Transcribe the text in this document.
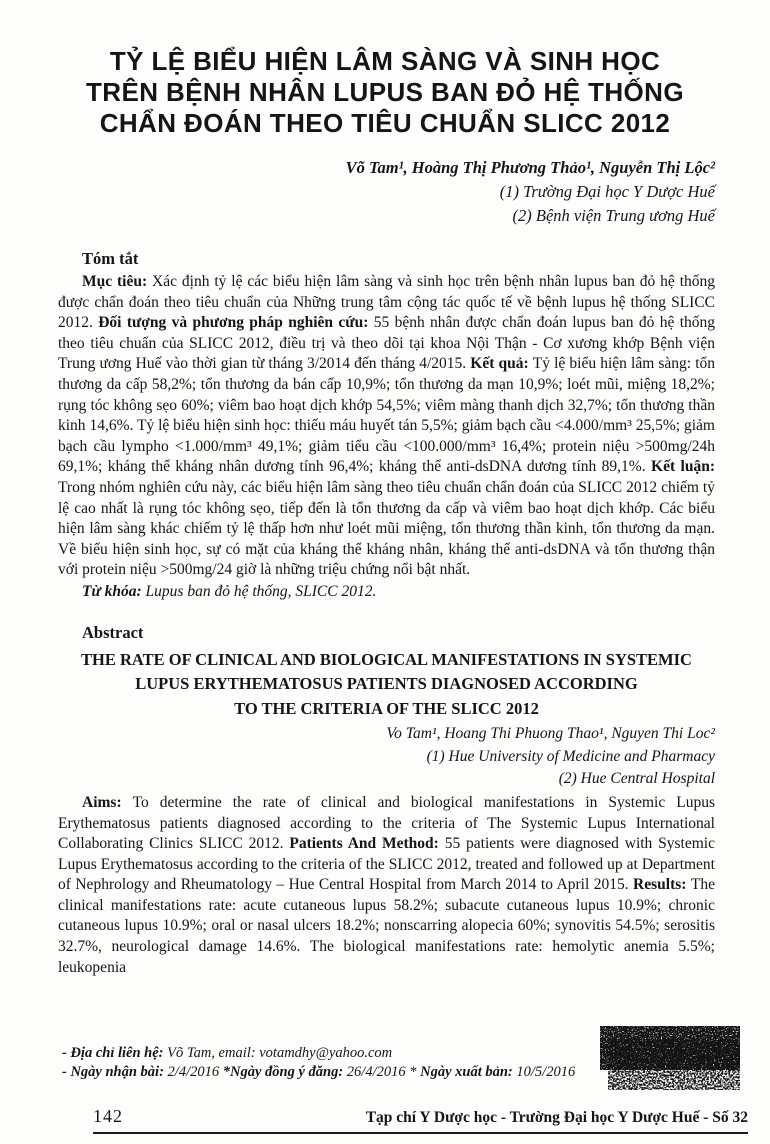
TỶ LỆ BIỂU HIỆN LÂM SÀNG VÀ SINH HỌC
TRÊN BỆNH NHÂN LUPUS BAN ĐỎ HỆ THỐNG
CHẨN ĐOÁN THEO TIÊU CHUẨN SLICC 2012
Võ Tam¹, Hoàng Thị Phương Thảo¹, Nguyễn Thị Lộc²
(1) Trường Đại học Y Dược Huế
(2) Bệnh viện Trung ương Huế
Tóm tắt
Mục tiêu: Xác định tỷ lệ các biểu hiện lâm sàng và sinh học trên bệnh nhân lupus ban đỏ hệ thống được chẩn đoán theo tiêu chuẩn của Những trung tâm cộng tác quốc tế về bệnh lupus hệ thống SLICC 2012. Đối tượng và phương pháp nghiên cứu: 55 bệnh nhân được chẩn đoán lupus ban đỏ hệ thống theo tiêu chuẩn của SLICC 2012, điều trị và theo dõi tại khoa Nội Thận - Cơ xương khớp Bệnh viện Trung ương Huế vào thời gian từ tháng 3/2014 đến tháng 4/2015. Kết quả: Tỷ lệ biểu hiện lâm sàng: tổn thương da cấp 58,2%; tổn thương da bán cấp 10,9%; tổn thương da mạn 10,9%; loét mũi, miệng 18,2%; rụng tóc không sẹo 60%; viêm bao hoạt dịch khớp 54,5%; viêm màng thanh dịch 32,7%; tổn thương thần kinh 14,6%. Tỷ lệ biểu hiện sinh học: thiếu máu huyết tán 5,5%; giảm bạch cầu <4.000/mm³ 25,5%; giảm bạch cầu lympho <1.000/mm³ 49,1%; giảm tiểu cầu <100.000/mm³ 16,4%; protein niệu >500mg/24h 69,1%; kháng thể kháng nhân dương tính 96,4%; kháng thể anti-dsDNA dương tính 89,1%. Kết luận: Trong nhóm nghiên cứu này, các biểu hiện lâm sàng theo tiêu chuẩn chẩn đoán của SLICC 2012 chiếm tỷ lệ cao nhất là rụng tóc không sẹo, tiếp đến là tổn thương da cấp và viêm bao hoạt dịch khớp. Các biểu hiện lâm sàng khác chiếm tỷ lệ thấp hơn như loét mũi miệng, tổn thương thần kinh, tổn thương da mạn. Về biểu hiện sinh học, sự có mặt của kháng thể kháng nhân, kháng thể anti-dsDNA và tổn thương thận với protein niệu >500mg/24 giờ là những triệu chứng nổi bật nhất.
Từ khóa: Lupus ban đỏ hệ thống, SLICC 2012.
Abstract
THE RATE OF CLINICAL AND BIOLOGICAL MANIFESTATIONS IN SYSTEMIC
LUPUS ERYTHEMATOSUS PATIENTS DIAGNOSED ACCORDING
TO THE CRITERIA OF THE SLICC 2012
Vo Tam¹, Hoang Thi Phuong Thao¹, Nguyen Thi Loc²
(1) Hue University of Medicine and Pharmacy
(2) Hue Central Hospital
Aims: To determine the rate of clinical and biological manifestations in Systemic Lupus Erythematosus patients diagnosed according to the criteria of The Systemic Lupus International Collaborating Clinics SLICC 2012. Patients And Method: 55 patients were diagnosed with Systemic Lupus Erythematosus according to the criteria of the SLICC 2012, treated and followed up at Department of Nephrology and Rheumatology – Hue Central Hospital from March 2014 to April 2015. Results: The clinical manifestations rate: acute cutaneous lupus 58.2%; subacute cutaneous lupus 10.9%; chronic cutaneous lupus 10.9%; oral or nasal ulcers 18.2%; nonscarring alopecia 60%; synovitis 54.5%; serositis 32.7%, neurological damage 14.6%. The biological manifestations rate: hemolytic anemia 5.5%; leukopenia
- Địa chỉ liên hệ: Võ Tam, email: votamdhy@yahoo.com
- Ngày nhận bài: 2/4/2016 *Ngày đồng ý đăng: 26/4/2016 * Ngày xuất bản: 10/5/2016
142	Tạp chí Y Dược học - Trường Đại học Y Dược Huế - Số 32
